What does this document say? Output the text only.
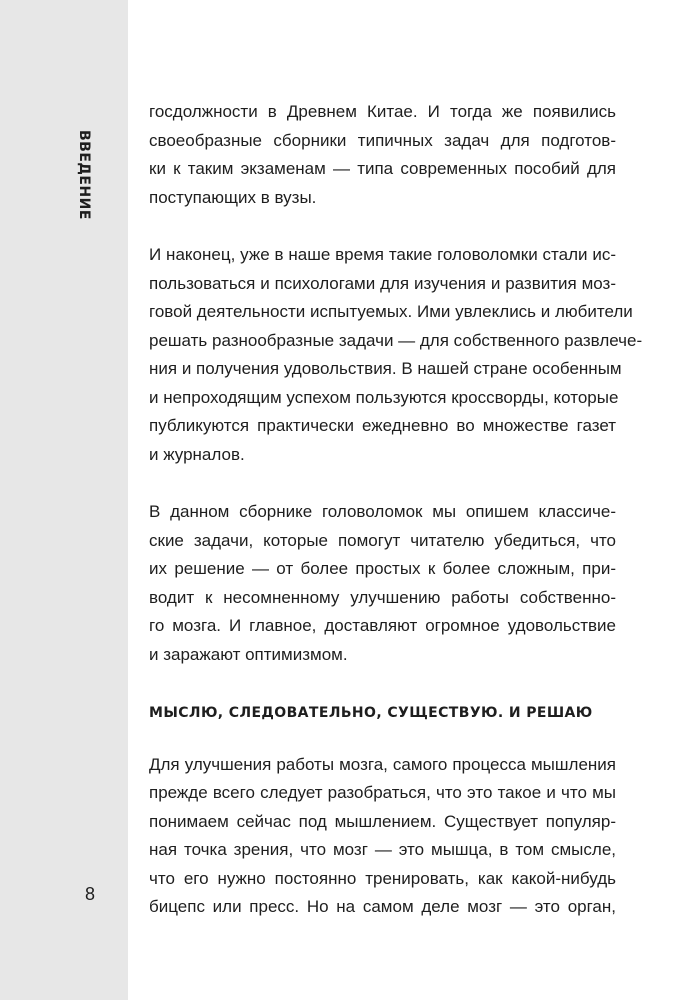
ВВЕДЕНИЕ
8
госдолжности в Древнем Китае. И тогда же появились
своеобразные сборники типичных задач для подготов-
ки к таким экзаменам — типа современных пособий для
поступающих в вузы.
И наконец, уже в наше время такие головоломки стали ис-
пользоваться и психологами для изучения и развития моз-
говой деятельности испытуемых. Ими увлеклись и любители
решать разнообразные задачи — для собственного развлече-
ния и получения удовольствия. В нашей стране особенным
и непроходящим успехом пользуются кроссворды, которые
публикуются практически ежедневно во множестве газет
и журналов.
В данном сборнике головоломок мы опишем классиче-
ские задачи, которые помогут читателю убедиться, что
их решение — от более простых к более сложным, при-
водит к несомненному улучшению работы собственно-
го мозга. И главное, доставляют огромное удовольствие
и заражают оптимизмом.
МЫСЛЮ, СЛЕДОВАТЕЛЬНО, СУЩЕСТВУЮ. И РЕШАЮ
Для улучшения работы мозга, самого процесса мышления
прежде всего следует разобраться, что это такое и что мы
понимаем сейчас под мышлением. Существует популяр-
ная точка зрения, что мозг — это мышца, в том смысле,
что его нужно постоянно тренировать, как какой-нибудь
бицепс или пресс. Но на самом деле мозг — это орган,
